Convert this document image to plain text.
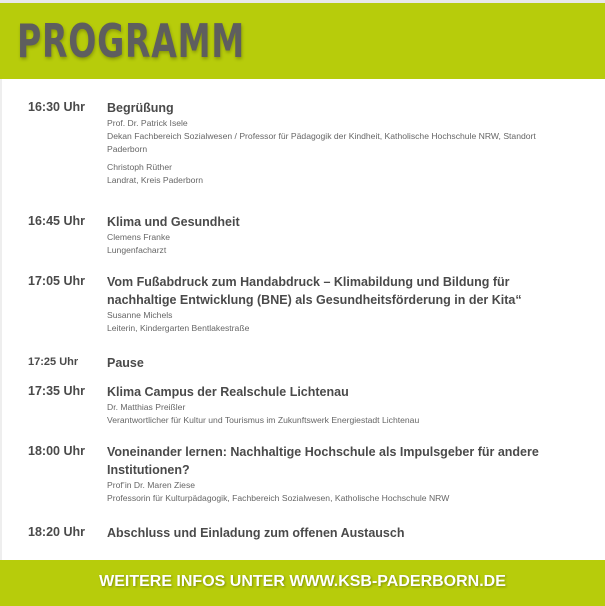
PROGRAMM
16:30 Uhr Begrüßung
Prof. Dr. Patrick Isele
Dekan Fachbereich Sozialwesen / Professor für Pädagogik der Kindheit, Katholische Hochschule NRW, Standort Paderborn
Christoph Rüther
Landrat, Kreis Paderborn
16:45 Uhr Klima und Gesundheit
Clemens Franke
Lungenfacharzt
17:05 Uhr Vom Fußabdruck zum Handabdruck – Klimabildung und Bildung für nachhaltige Entwicklung (BNE) als Gesundheitsförderung in der Kita“
Susanne Michels
Leiterin, Kindergarten Bentlakestraße
17:25 Uhr Pause
17:35 Uhr Klima Campus der Realschule Lichtenau
Dr. Matthias Preißler
Verantwortlicher für Kultur und Tourismus im Zukunftswerk Energiestadt Lichtenau
18:00 Uhr Voneinander lernen: Nachhaltige Hochschule als Impulsgeber für andere Institutionen?
Prof’in Dr. Maren Ziese
Professorin für Kulturpädagogik, Fachbereich Sozialwesen, Katholische Hochschule NRW
18:20 Uhr Abschluss und Einladung zum offenen Austausch
WEITERE INFOS UNTER WWW.KSB-PADERBORN.DE
